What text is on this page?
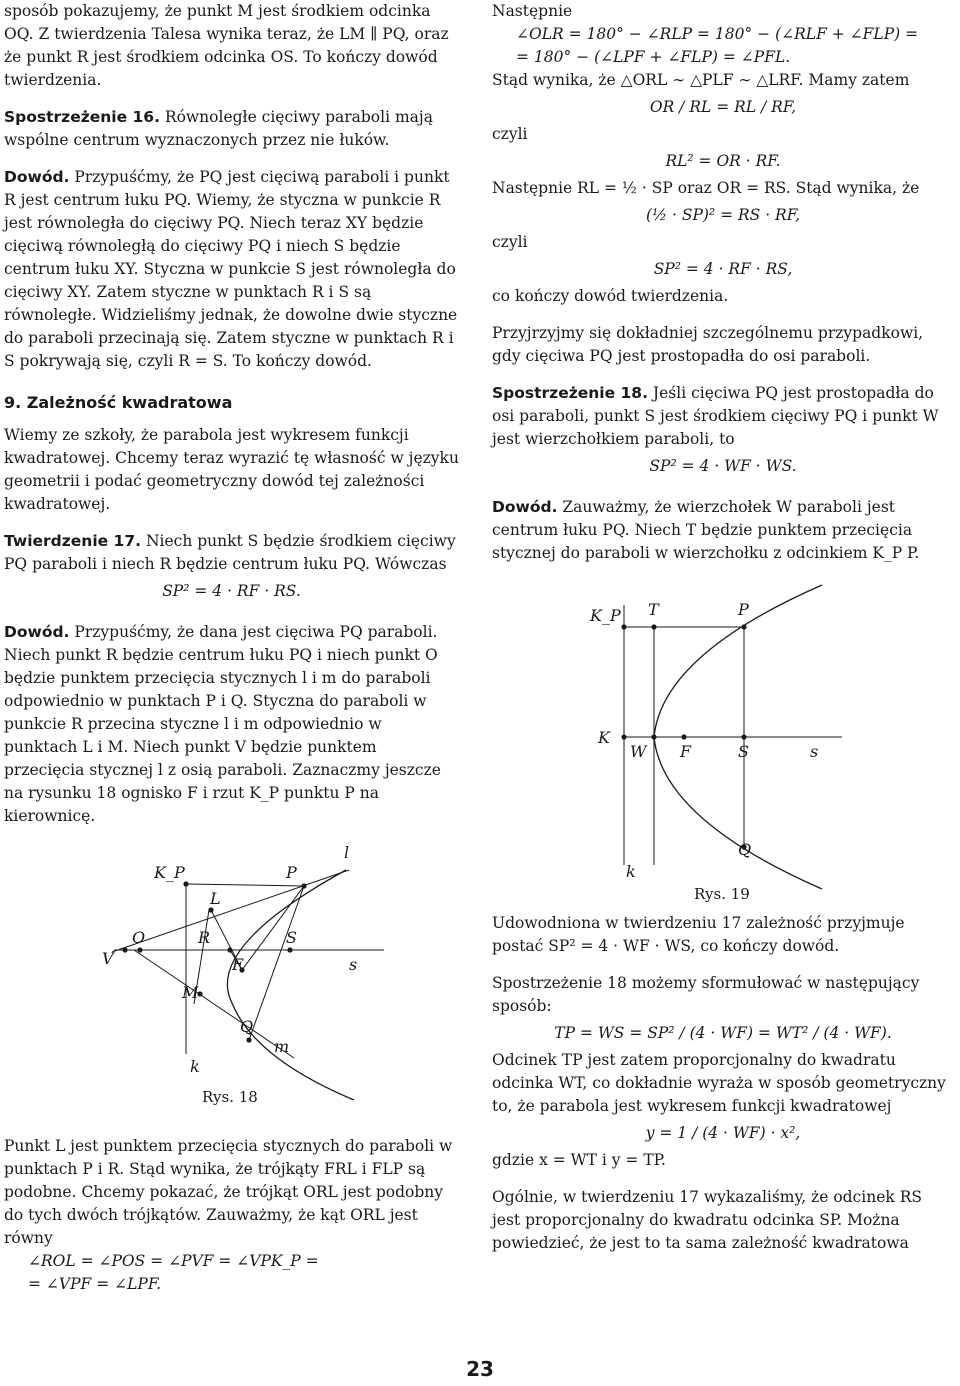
sposób pokazujemy, że punkt M jest środkiem odcinka OQ. Z twierdzenia Talesa wynika teraz, że LM ∥ PQ, oraz że punkt R jest środkiem odcinka OS. To kończy dowód twierdzenia.

Spostrzeżenie 16. Równoległe cięciwy paraboli mają wspólne centrum wyznaczonych przez nie łuków.

Dowód. Przypuśćmy, że PQ jest cięciwą paraboli i punkt R jest centrum łuku PQ. Wiemy, że styczna w punkcie R jest równoległa do cięciwy PQ. Niech teraz XY będzie cięciwą równoległą do cięciwy PQ i niech S będzie centrum łuku XY. Styczna w punkcie S jest równoległa do cięciwy XY. Zatem styczne w punktach R i S są równoległe. Widzieliśmy jednak, że dowolne dwie styczne do paraboli przecinają się. Zatem styczne w punktach R i S pokrywają się, czyli R = S. To kończy dowód.

9. Zależność kwadratowa

Wiemy ze szkoły, że parabola jest wykresem funkcji kwadratowej. Chcemy teraz wyrazić tę własność w języku geometrii i podać geometryczny dowód tej zależności kwadratowej.

Twierdzenie 17. Niech punkt S będzie środkiem cięciwy PQ paraboli i niech R będzie centrum łuku PQ. Wówczas

SP² = 4 · RF · RS.

Dowód. Przypuśćmy, że dana jest cięciwa PQ paraboli. Niech punkt R będzie centrum łuku PQ i niech punkt O będzie punktem przecięcia stycznych l i m do paraboli odpowiednio w punktach P i Q. Styczna do paraboli w punkcie R przecina styczne l i m odpowiednio w punktach L i M. Niech punkt V będzie punktem przecięcia stycznej l z osią paraboli. Zaznaczmy jeszcze na rysunku 18 ognisko F i rzut K_P punktu P na kierownicę.

l
K_P	P
L
O	R	S
V	F	s
M
Q
m
k
Rys. 18

Punkt L jest punktem przecięcia stycznych do paraboli w punktach P i R. Stąd wynika, że trójkąty FRL i FLP są podobne. Chcemy pokazać, że trójkąt ORL jest podobny do tych dwóch trójkątów. Zauważmy, że kąt ORL jest równy

∠ROL = ∠POS = ∠PVF = ∠VPK_P =
= ∠VPF = ∠LPF.

Następnie

∠OLR = 180° − ∠RLP = 180° − (∠RLF + ∠FLP) =
= 180° − (∠LPF + ∠FLP) = ∠PFL.

Stąd wynika, że △ORL ∼ △PLF ∼ △LRF. Mamy zatem

OR / RL = RL / RF,

czyli

RL² = OR · RF.

Następnie RL = ½ · SP oraz OR = RS. Stąd wynika, że

(½ · SP)² = RS · RF,

czyli

SP² = 4 · RF · RS,

co kończy dowód twierdzenia.

Przyjrzyjmy się dokładniej szczególnemu przypadkowi, gdy cięciwa PQ jest prostopadła do osi paraboli.

Spostrzeżenie 18. Jeśli cięciwa PQ jest prostopadła do osi paraboli, punkt S jest środkiem cięciwy PQ i punkt W jest wierzchołkiem paraboli, to

SP² = 4 · WF · WS.

Dowód. Zauważmy, że wierzchołek W paraboli jest centrum łuku PQ. Niech T będzie punktem przecięcia stycznej do paraboli w wierzchołku z odcinkiem K_P P.

K_P T	P
K
W F	S	s
k
Q
Rys. 19

Udowodniona w twierdzeniu 17 zależność przyjmuje postać SP² = 4 · WF · WS, co kończy dowód.

Spostrzeżenie 18 możemy sformułować w następujący sposób:

TP = WS = SP² / (4 · WF) = WT² / (4 · WF).

Odcinek TP jest zatem proporcjonalny do kwadratu odcinka WT, co dokładnie wyraża w sposób geometryczny to, że parabola jest wykresem funkcji kwadratowej

y = 1 / (4 · WF) · x²,

gdzie x = WT i y = TP.

Ogólnie, w twierdzeniu 17 wykazaliśmy, że odcinek RS jest proporcjonalny do kwadratu odcinka SP. Można powiedzieć, że jest to ta sama zależność kwadratowa

23
